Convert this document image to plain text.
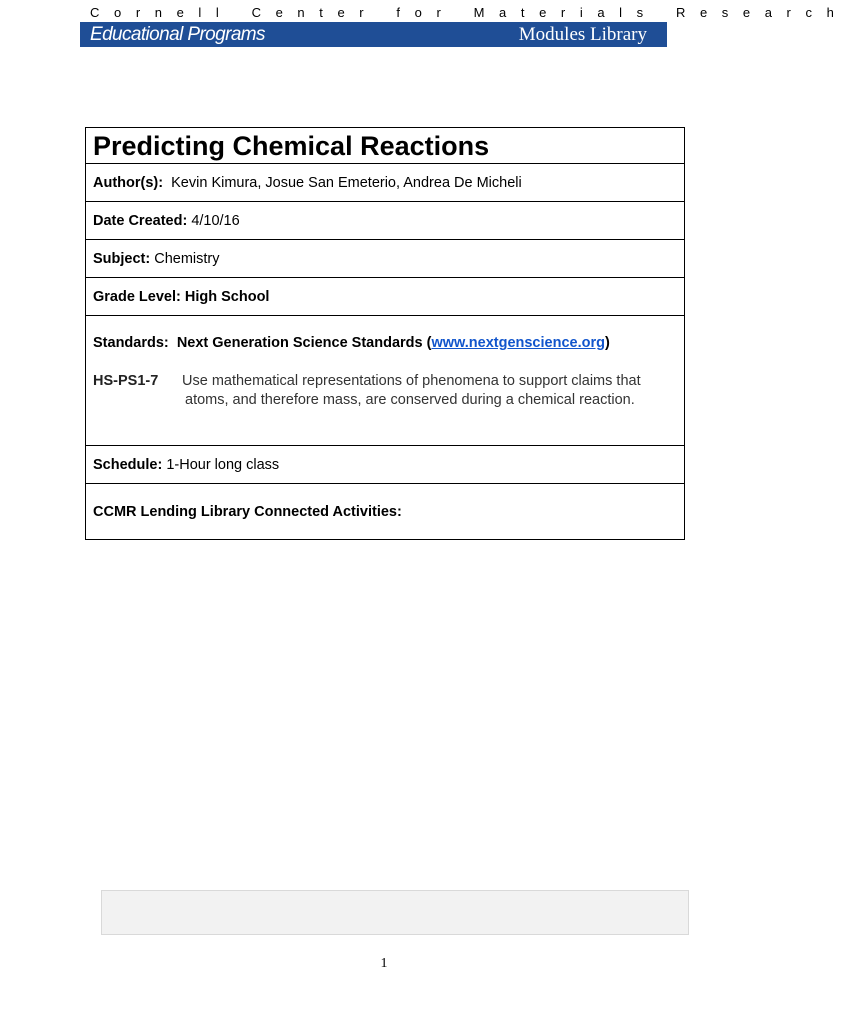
Cornell Center for Materials Research
Educational Programs	Modules Library
Predicting Chemical Reactions
Author(s): Kevin Kimura, Josue San Emeterio, Andrea De Micheli
Date Created: 4/10/16
Subject: Chemistry
Grade Level: High School
Standards: Next Generation Science Standards (www.nextgenscience.org)
HS-PS1-7 Use mathematical representations of phenomena to support claims that
atoms, and therefore mass, are conserved during a chemical reaction.
Schedule: 1-Hour long class
CCMR Lending Library Connected Activities:
1
